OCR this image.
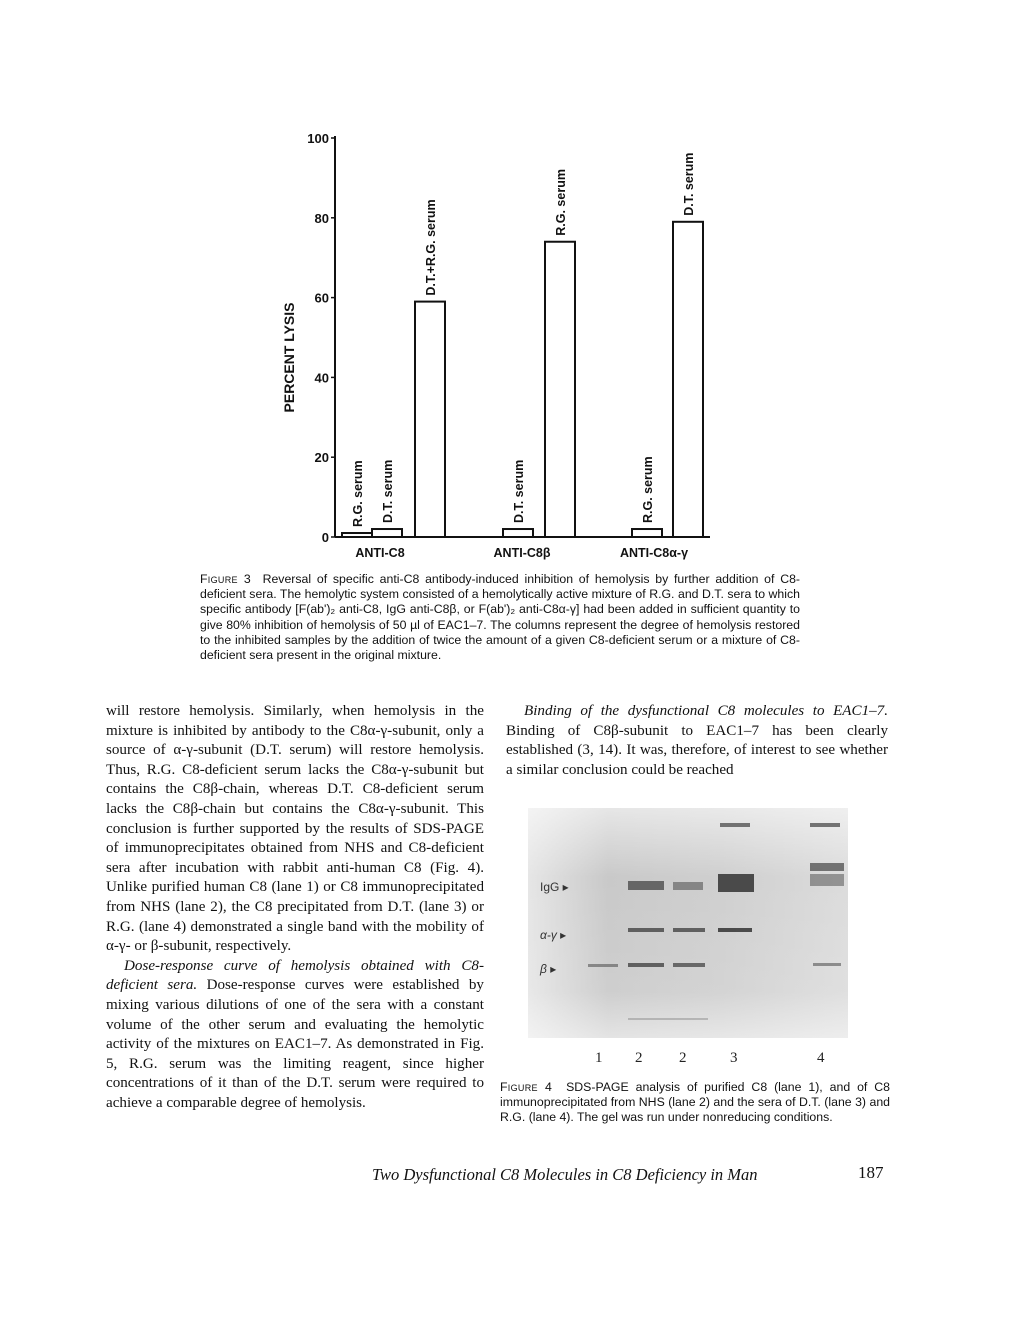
0
20
40
60
80
100
PERCENT LYSIS
R.G. serum D.T. serum
D.T.+R.G. serum
ANTI-C8
D.T. serum
R.G. serum
ANTI-C8β
R.G. serum
D.T. serum
ANTI-C8α-γ
Figure 3 Reversal of specific anti-C8 antibody-induced inhibition of hemolysis by further addition of C8-deficient sera. The hemolytic system consisted of a hemolytically active mixture of R.G. and D.T. sera to which specific antibody [F(ab')₂ anti-C8, IgG anti-C8β, or F(ab')₂ anti-C8α-γ] had been added in sufficient quantity to give 80% inhibition of hemolysis of 50 µl of EAC1–7. The columns represent the degree of hemolysis restored to the inhibited samples by the addition of twice the amount of a given C8-deficient serum or a mixture of C8-deficient sera present in the original mixture.

will restore hemolysis. Similarly, when hemolysis in the mixture is inhibited by antibody to the C8α-γ-subunit, only a source of α-γ-subunit (D.T. serum) will restore hemolysis. Thus, R.G. C8-deficient serum lacks the C8α-γ-subunit but contains the C8β-chain, whereas D.T. C8-deficient serum lacks the C8β-chain but contains the C8α-γ-subunit. This conclusion is further supported by the results of SDS-PAGE of immunoprecipitates obtained from NHS and C8-deficient sera after incubation with rabbit anti-human C8 (Fig. 4). Unlike purified human C8 (lane 1) or C8 immunoprecipitated from NHS (lane 2), the C8 precipitated from D.T. (lane 3) or R.G. (lane 4) demonstrated a single band with the mobility of α-γ- or β-subunit, respectively.

Dose-response curve of hemolysis obtained with C8-deficient sera. Dose-response curves were established by mixing various dilutions of one of the sera with a constant volume of the other serum and evaluating the hemolytic activity of the mixtures on EAC1–7. As demonstrated in Fig. 5, R.G. serum was the limiting reagent, since higher concentrations of it than of the D.T. serum were required to achieve a comparable degree of hemolysis.

Binding of the dysfunctional C8 molecules to EAC1–7. Binding of C8β-subunit to EAC1–7 has been clearly established (3, 14). It was, therefore, of interest to see whether a similar conclusion could be reached

IgG ▸
α-γ ▸
β ▸
1 2 2	3	4
Figure 4 SDS-PAGE analysis of purified C8 (lane 1), and of C8 immunoprecipitated from NHS (lane 2) and the sera of D.T. (lane 3) and R.G. (lane 4). The gel was run under nonreducing conditions.
Two Dysfunctional C8 Molecules in C8 Deficiency in Man	187
